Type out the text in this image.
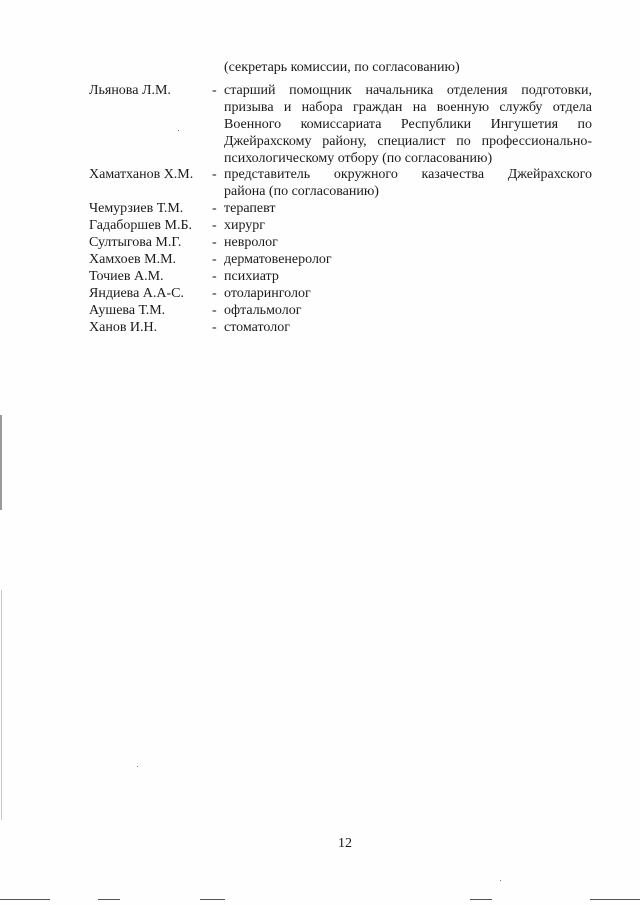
(секретарь комиссии, по согласованию)
Льянова Л.М.	- старший помощник начальника отделения подготовки,
призыва и набора граждан на военную службу отдела
Военного комиссариата Республики Ингушетия по
Джейрахскому району, специалист по профессионально-
психологическому отбору (по согласованию)
Хаматханов Х.М. - представитель окружного казачества Джейрахского
района (по согласованию)
Чемурзиев Т.М. - терапевт
Гадаборшев М.Б. - хирург
Султыгова М.Г. - невролог
Хамхоев М.М.	- дерматовенеролог
Точиев А.М.	- психиатр
Яндиева А.А-С. - отоларинголог
Аушева Т.М.	- офтальмолог
Ханов И.Н.	- стоматолог
12
